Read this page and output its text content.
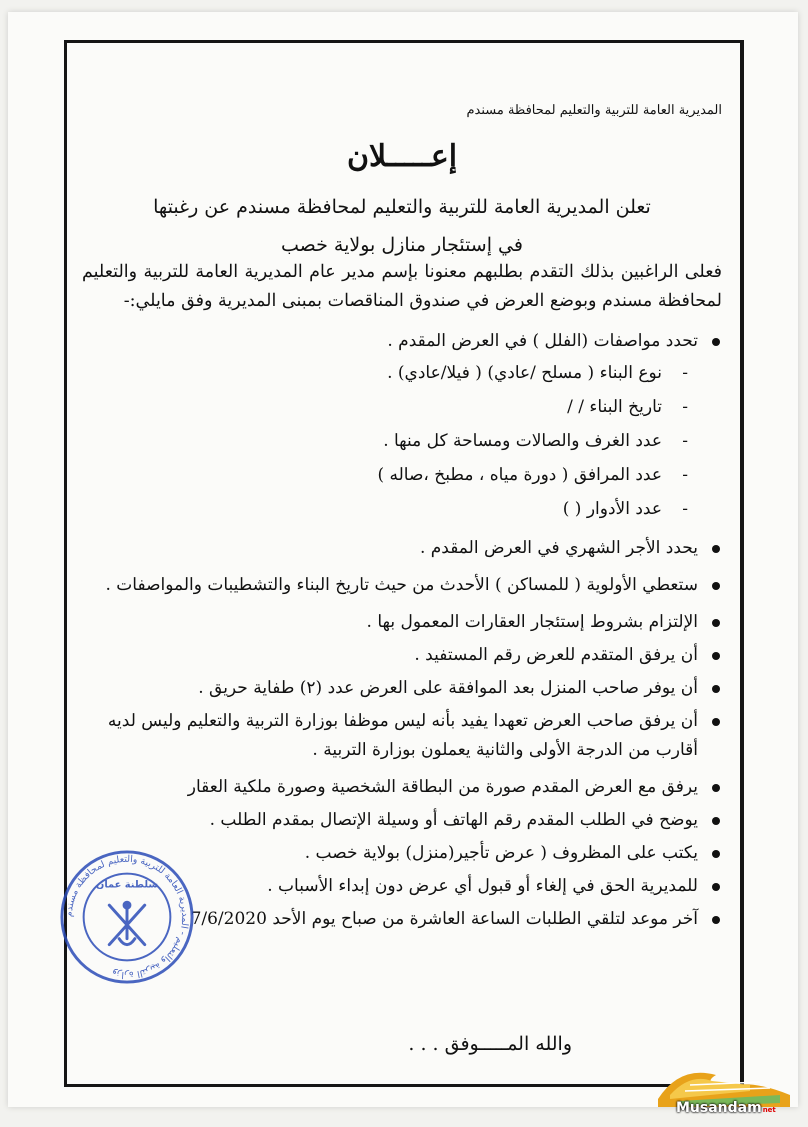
المديرية العامة للتربية والتعليم لمحافظة مسندم
إعـــــلان
تعلن المديرية العامة للتربية والتعليم لمحافظة مسندم عن رغبتها
في إستئجار منازل بولاية خصب
فعلى الراغبين بذلك التقدم بطلبهم معنونا بإسم مدير عام المديرية العامة للتربية والتعليم لمحافظة مسندم وبوضع العرض في صندوق المناقصات بمبنى المديرية وفق مايلي:-
تحدد مواصفات (الفلل ) في العرض المقدم .
-
نوع البناء ( مسلح /عادي) ( فيلا/عادي) .
-
تاريخ البناء / /
-
عدد الغرف والصالات ومساحة كل منها .
-
عدد المرافق ( دورة مياه ، مطبخ ،صاله )
-
عدد الأدوار ( )
يحدد الأجر الشهري في العرض المقدم .
ستعطي الأولوية ( للمساكن ) الأحدث من حيث تاريخ البناء والتشطيبات والمواصفات .
الإلتزام بشروط إستئجار العقارات المعمول بها .
أن يرفق المتقدم للعرض رقم المستفيد .
أن يوفر صاحب المنزل بعد الموافقة على العرض عدد (٢) طفاية حريق .
أن يرفق صاحب العرض تعهدا يفيد بأنه ليس موظفا بوزارة التربية والتعليم وليس لديه أقارب من الدرجة الأولى والثانية يعملون بوزارة التربية .
يرفق مع العرض المقدم صورة من البطاقة الشخصية وصورة ملكية العقار
يوضح في الطلب المقدم رقم الهاتف أو وسيلة الإتصال بمقدم الطلب .
يكتب على المظروف ( عرض تأجير(منزل) بولاية خصب .
للمديرية الحق في إلغاء أو قبول أي عرض دون إبداء الأسباب .
آخر موعد لتلقي الطلبات الساعة العاشرة من صباح يوم الأحد 7/6/2020
والله المـــــوفق . . .
وزارة التربية والتعليم - المديرية العامة للتربية والتعليم لمحافظة مسندم
سلطنة عمان
Musandamnet
